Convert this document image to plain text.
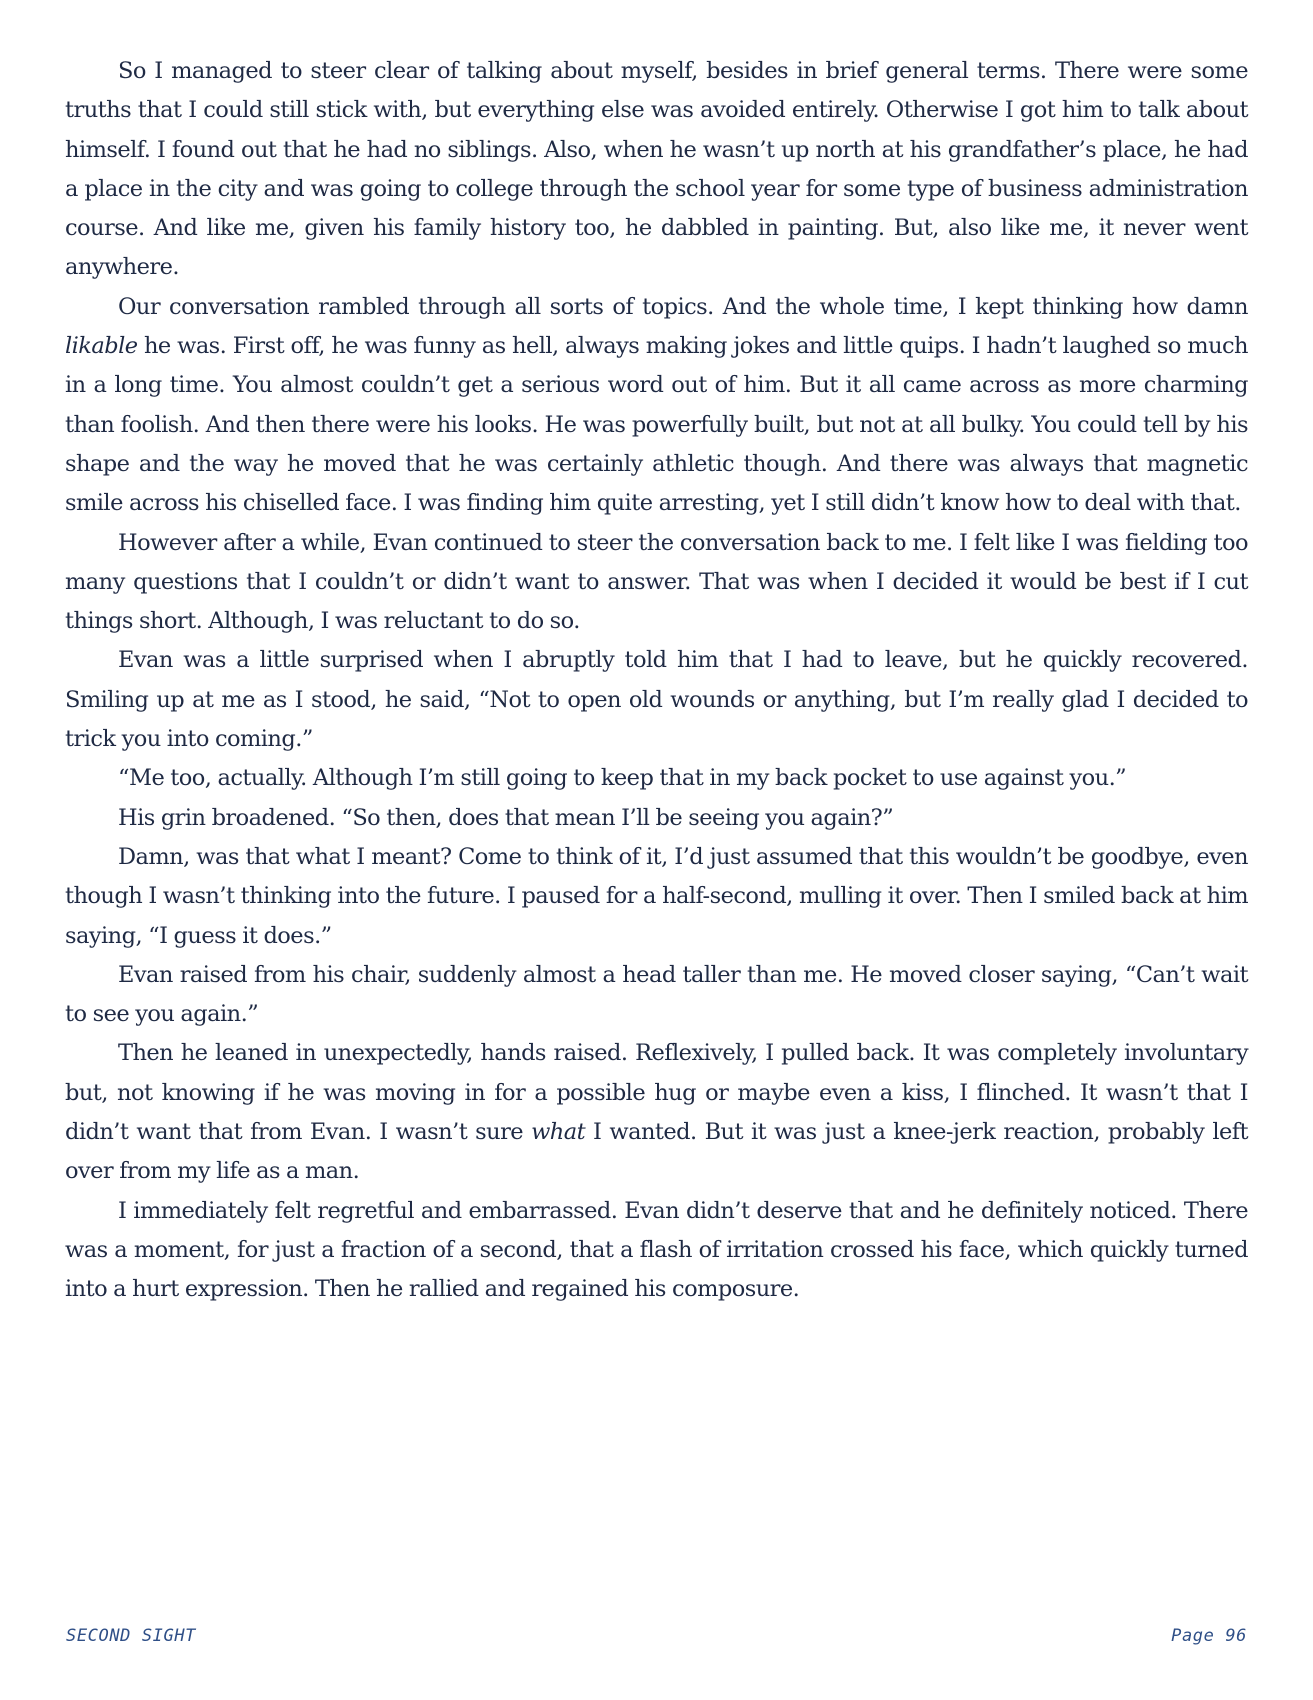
So I managed to steer clear of talking about myself, besides in brief general terms. There were some truths that I could still stick with, but everything else was avoided entirely. Otherwise I got him to talk about himself. I found out that he had no siblings. Also, when he wasn’t up north at his grandfather’s place, he had a place in the city and was going to college through the school year for some type of business administration course. And like me, given his family history too, he dabbled in painting. But, also like me, it never went anywhere.

Our conversation rambled through all sorts of topics. And the whole time, I kept thinking how damn likable he was. First off, he was funny as hell, always making jokes and little quips. I hadn’t laughed so much in a long time. You almost couldn’t get a serious word out of him. But it all came across as more charming than foolish. And then there were his looks. He was powerfully built, but not at all bulky. You could tell by his shape and the way he moved that he was certainly athletic though. And there was always that magnetic smile across his chiselled face. I was finding him quite arresting, yet I still didn’t know how to deal with that.

However after a while, Evan continued to steer the conversation back to me. I felt like I was fielding too many questions that I couldn’t or didn’t want to answer. That was when I decided it would be best if I cut things short. Although, I was reluctant to do so.

Evan was a little surprised when I abruptly told him that I had to leave, but he quickly recovered. Smiling up at me as I stood, he said, “Not to open old wounds or anything, but I’m really glad I decided to trick you into coming.”

“Me too, actually. Although I’m still going to keep that in my back pocket to use against you.”

His grin broadened. “So then, does that mean I’ll be seeing you again?”

Damn, was that what I meant? Come to think of it, I’d just assumed that this wouldn’t be goodbye, even though I wasn’t thinking into the future. I paused for a half-second, mulling it over. Then I smiled back at him saying, “I guess it does.”

Evan raised from his chair, suddenly almost a head taller than me. He moved closer saying, “Can’t wait to see you again.”

Then he leaned in unexpectedly, hands raised. Reflexively, I pulled back. It was completely involuntary but, not knowing if he was moving in for a possible hug or maybe even a kiss, I flinched. It wasn’t that I didn’t want that from Evan. I wasn’t sure what I wanted. But it was just a knee-jerk reaction, probably left over from my life as a man.

I immediately felt regretful and embarrassed. Evan didn’t deserve that and he definitely noticed. There was a moment, for just a fraction of a second, that a flash of irritation crossed his face, which quickly turned into a hurt expression. Then he rallied and regained his composure.

SECOND SIGHT	Page 96
